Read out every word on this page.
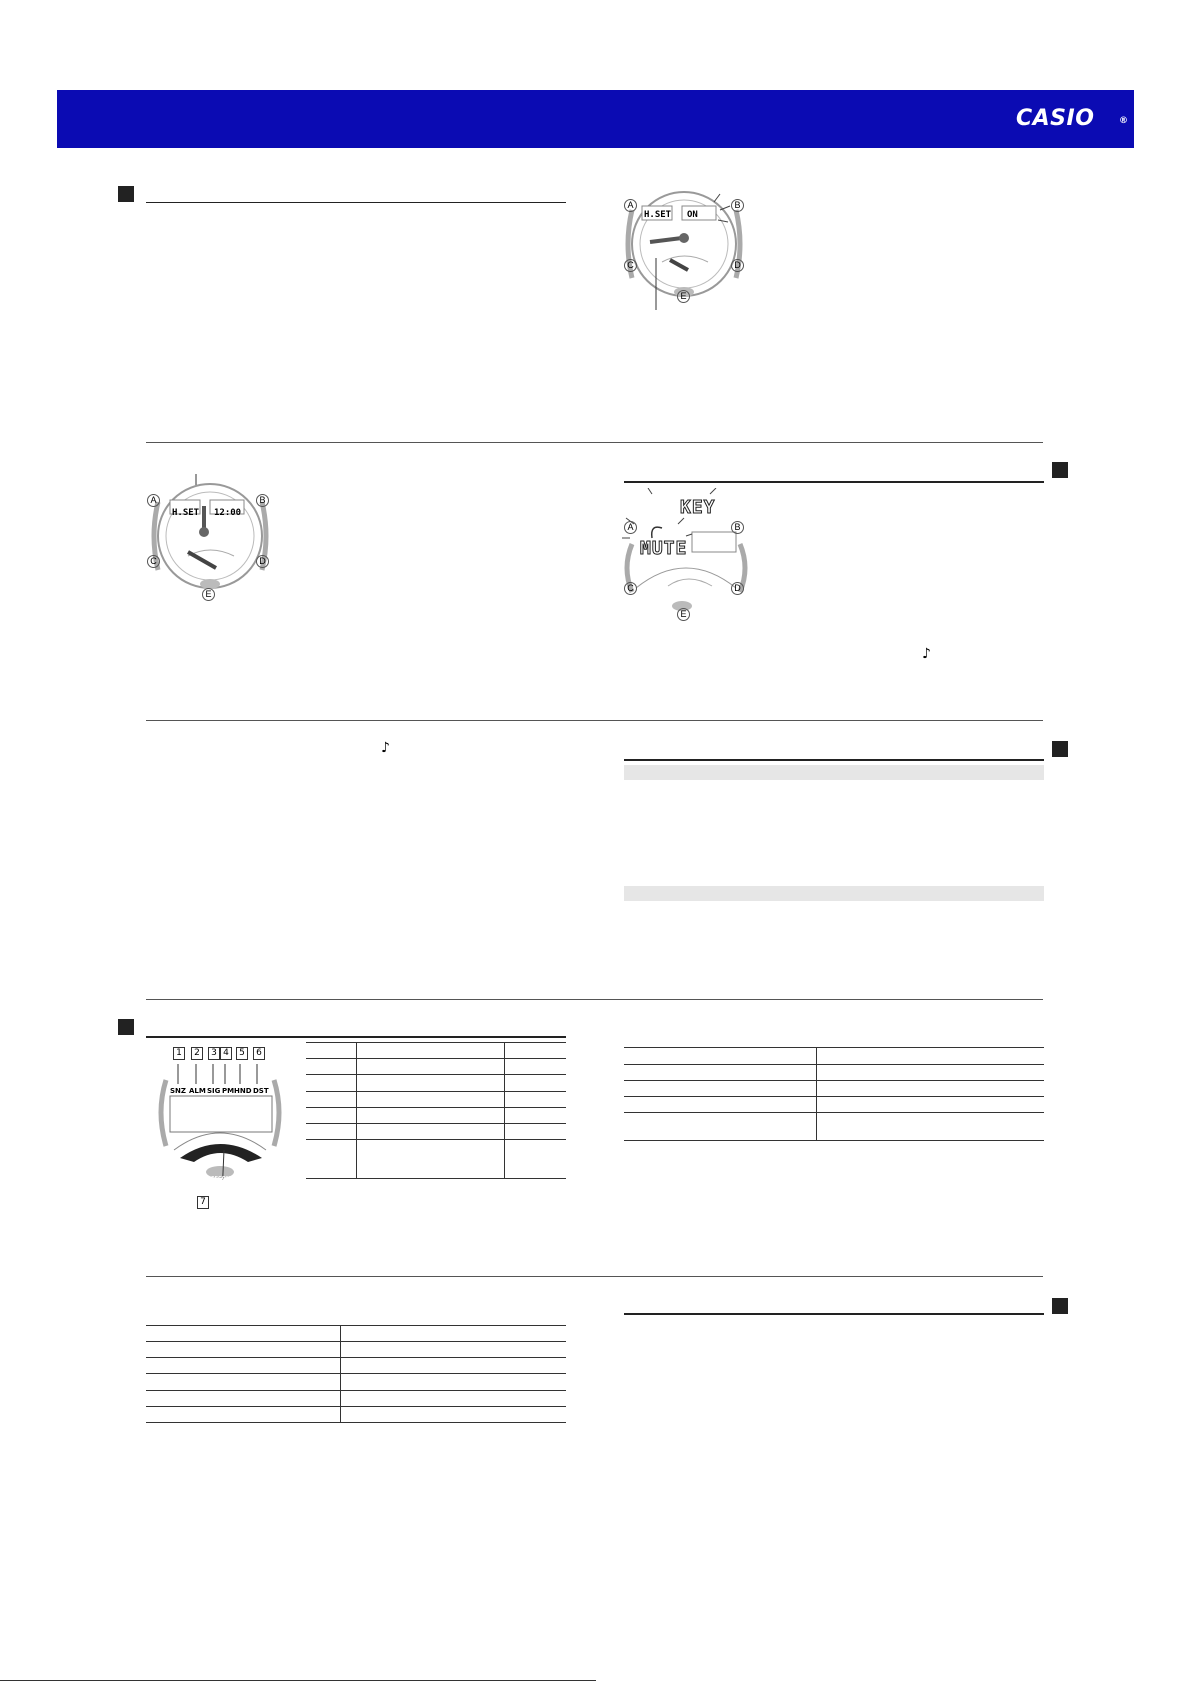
CASIO	®
H.SET ON
A	B
C	D
E
H.SET 12:00
A	B
C	D
E
KEY
MUTE
A	B
C	D
E
♪
♪
1	2	3 4	5	6
SNZ ALM SIG PM HND DST
SECOND
7
